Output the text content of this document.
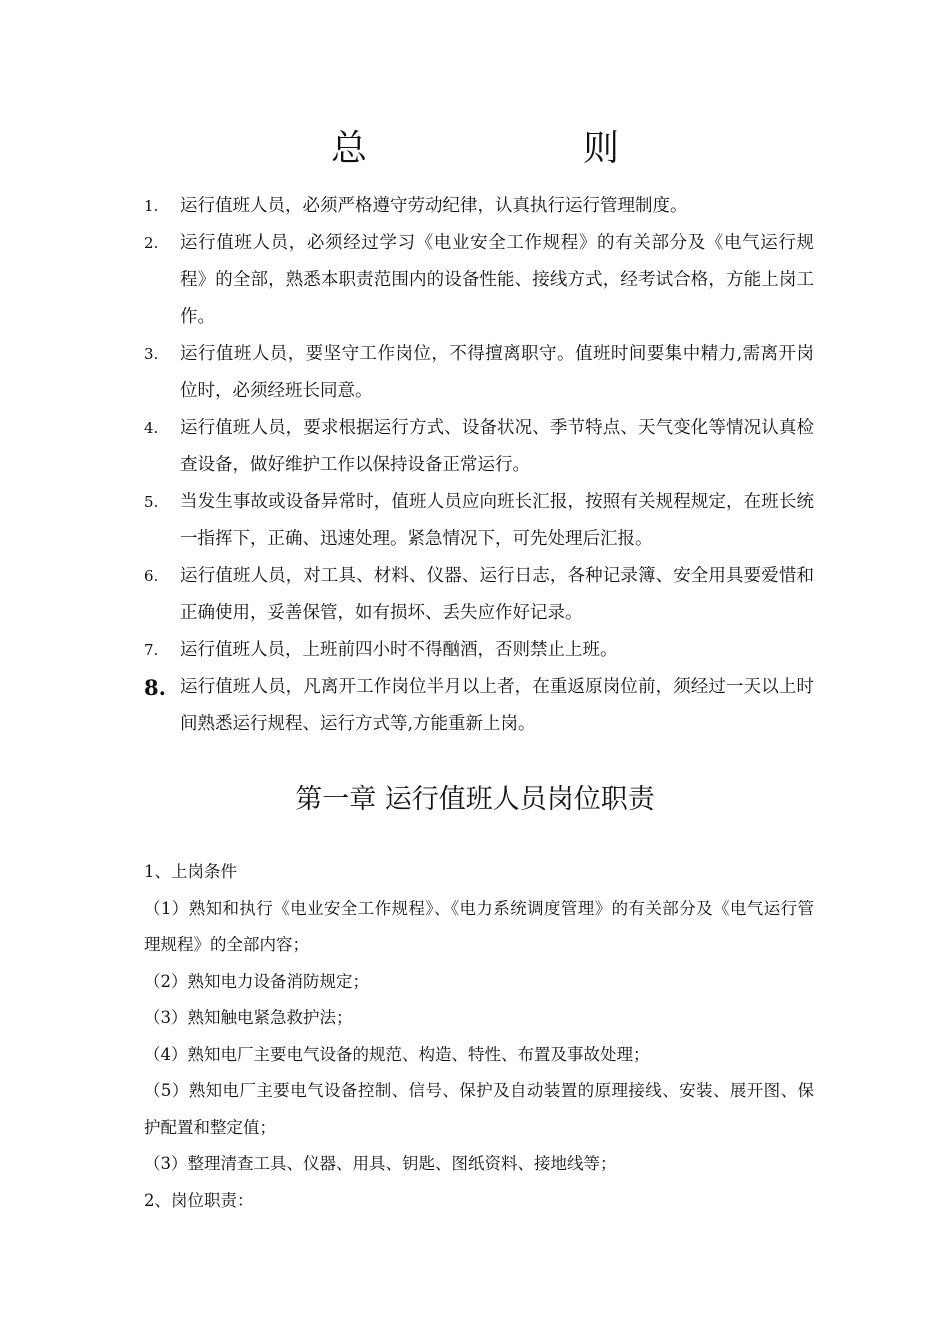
总　　则
1.	运行值班人员，必须严格遵守劳动纪律，认真执行运行管理制度。
2.	运行值班人员，必须经过学习《电业安全工作规程》的有关部分及《电气运行规程》的全部，熟悉本职责范围内的设备性能、接线方式，经考试合格，方能上岗工作。
3.	运行值班人员，要坚守工作岗位，不得擅离职守。值班时间要集中精力,需离开岗位时，必须经班长同意。
4.	运行值班人员，要求根据运行方式、设备状况、季节特点、天气变化等情况认真检查设备，做好维护工作以保持设备正常运行。
5.	当发生事故或设备异常时，值班人员应向班长汇报，按照有关规程规定，在班长统一指挥下，正确、迅速处理。紧急情况下，可先处理后汇报。
6.	运行值班人员，对工具、材料、仪器、运行日志，各种记录簿、安全用具要爱惜和正确使用，妥善保管，如有损坏、丢失应作好记录。
7.	运行值班人员，上班前四小时不得酗酒，否则禁止上班。
8. 运行值班人员，凡离开工作岗位半月以上者，在重返原岗位前，须经过一天以上时间熟悉运行规程、运行方式等,方能重新上岗。
第一章 运行值班人员岗位职责

1、上岗条件

（1）熟知和执行《电业安全工作规程》、《电力系统调度管理》的有关部分及《电气运行管理规程》的全部内容；

（2）熟知电力设备消防规定；

（3）熟知触电紧急救护法；

（4）熟知电厂主要电气设备的规范、构造、特性、布置及事故处理；

（5）熟知电厂主要电气设备控制、信号、保护及自动装置的原理接线、安装、展开图、保护配置和整定值；

（3）整理清查工具、仪器、用具、钥匙、图纸资料、接地线等；

2、岗位职责：
